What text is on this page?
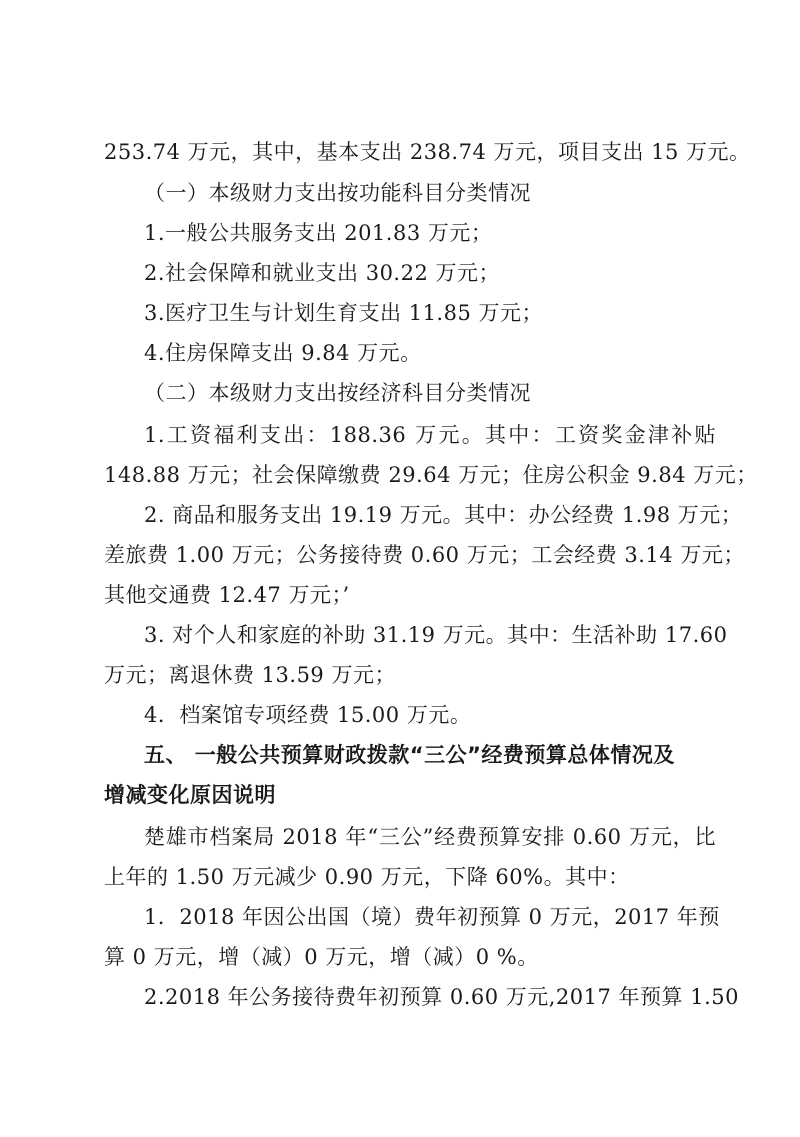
253.74 万元，其中，基本支出 238.74 万元，项目支出 15 万元。
（一）本级财力支出按功能科目分类情况
1.一般公共服务支出 201.83 万元；
2.社会保障和就业支出 30.22 万元；
3.医疗卫生与计划生育支出 11.85 万元；
4.住房保障支出 9.84 万元。
（二）本级财力支出按经济科目分类情况
1.工资福利支出：188.36 万元。其中：工资奖金津补贴
148.88 万元；社会保障缴费 29.64 万元；住房公积金 9.84 万元；
2. 商品和服务支出 19.19 万元。其中：办公经费 1.98 万元；
差旅费 1.00 万元；公务接待费 0.60 万元；工会经费 3.14 万元；
其他交通费 12.47 万元；’
3. 对个人和家庭的补助 31.19 万元。其中：生活补助 17.60
万元；离退休费 13.59 万元；
4．档案馆专项经费 15.00 万元。
五、 一般公共预算财政拨款“三公”经费预算总体情况及
增减变化原因说明
楚雄市档案局 2018 年“三公”经费预算安排 0.60 万元，比
上年的 1.50 万元减少 0.90 万元，下降 60%。其中：
1．2018 年因公出国（境）费年初预算 0 万元，2017 年预
算 0 万元，增（减）0 万元，增（减）0 %。
2.2018 年公务接待费年初预算 0.60 万元,2017 年预算 1.50
